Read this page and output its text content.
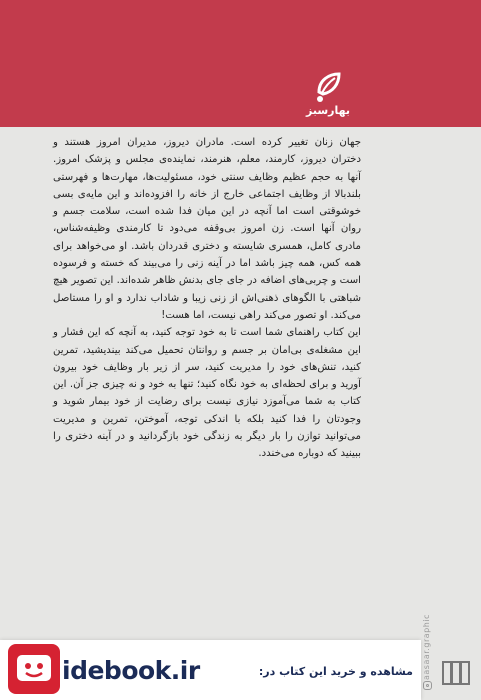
بهارسبز

جهان زنان تغییر کرده است. مادران دیروز، مدیران امروز هستند و دختران دیروز، کارمند، معلم، هنرمند، نماینده‌ی مجلس و پزشک امروز. آنها به حجم عظیم وظایف سنتی خود، مسئولیت‌ها، مهارت‌ها و فهرستی بلندبالا از وظایف اجتماعی خارج از خانه را افزوده‌اند و این مایه‌ی بسی خوشوقتی است اما آنچه در این میان فدا شده است، سلامت جسم و روان آنها است. زن امروز بی‌وقفه می‌دود تا کارمندی وظیفه‌شناس، مادری کامل، همسری شایسته و دختری قدردان باشد. او می‌خواهد برای همه کس، همه چیز باشد اما در آینه زنی را می‌بیند که خسته و فرسوده است و چربی‌های اضافه در جای جای بدنش ظاهر شده‌اند. این تصویر هیچ شباهتی با الگوهای ذهنی‌اش از زنی زیبا و شاداب ندارد و او را مستاصل می‌کند. او تصور می‌کند راهی نیست، اما هست!

این کتاب راهنمای شما است تا به خود توجه کنید، به آنچه که این فشار و این مشغله‌ی بی‌امان بر جسم و روانتان تحمیل می‌کند بیندیشید، تمرین کنید، تنش‌های خود را مدیریت کنید، سر از زیر بار وظایف خود بیرون آورید و برای لحظه‌ای به خود نگاه کنید؛ تنها به خود و نه چیزی جز آن. این کتاب به شما می‌آموزد نیازی نیست برای رضایت از خود بیمار شوید و وجودتان را فدا کنید بلکه با اندکی توجه، آموختن، تمرین و مدیریت می‌توانید توازن را بار دیگر به زندگی خود بازگردانید و در آینه دختری را ببینید که دوباره می‌خندد.

aasaar.graphic
idebook.ir	مشاهده و خرید این کتاب در:
